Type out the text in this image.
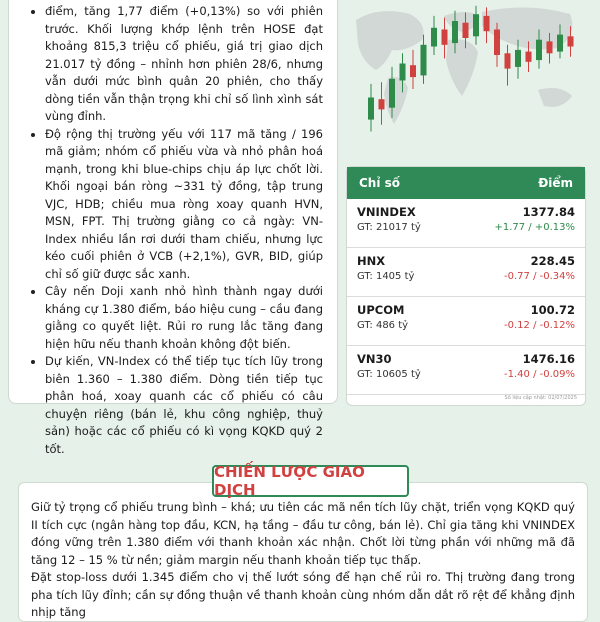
điểm, tăng 1,77 điểm (+0,13%) so với phiên trước. Khối lượng khớp lệnh trên HOSE đạt khoảng 815,3 triệu cổ phiếu, giá trị giao dịch 21.017 tỷ đồng – nhỉnh hơn phiên 28/6, nhưng vẫn dưới mức bình quân 20 phiên, cho thấy dòng tiền vẫn thận trọng khi chỉ số lình xình sát vùng đỉnh.
Độ rộng thị trường yếu với 117 mã tăng / 196 mã giảm; nhóm cổ phiếu vừa và nhỏ phân hoá mạnh, trong khi blue-chips chịu áp lực chốt lời. Khối ngoại bán ròng ~331 tỷ đồng, tập trung VJC, HDB; chiều mua ròng xoay quanh HVN, MSN, FPT. Thị trường giằng co cả ngày: VN-Index nhiều lần rơi dưới tham chiếu, nhưng lực kéo cuối phiên ở VCB (+2,1%), GVR, BID, giúp chỉ số giữ được sắc xanh.
Cây nến Doji xanh nhỏ hình thành ngay dưới kháng cự 1.380 điểm, báo hiệu cung – cầu đang giằng co quyết liệt. Rủi ro rung lắc tăng đang hiện hữu nếu thanh khoản không đột biến.
Dự kiến, VN-Index có thể tiếp tục tích lũy trong biên 1.360 – 1.380 điểm. Dòng tiền tiếp tục phân hoá, xoay quanh các cổ phiếu có câu chuyện riêng (bán lẻ, khu công nghiệp, thuỷ sản) hoặc các cổ phiếu có kì vọng KQKD quý 2 tốt.
Chỉ số	Điểm
VNINDEX	1377.84
GT: 21017 tỷ	+1.77 / +0.13%
HNX	228.45
GT: 1405 tỷ	-0.77 / -0.34%
UPCOM	100.72
GT: 486 tỷ	-0.12 / -0.12%
VN30	1476.16
GT: 10605 tỷ	-1.40 / -0.09%
Số liệu cập nhật: 02/07/2025
CHIẾN LƯỢC GIAO DỊCH

Giữ tỷ trọng cổ phiếu trung bình – khá; ưu tiên các mã nền tích lũy chặt, triển vọng KQKD quý II tích cực (ngân hàng top đầu, KCN, hạ tầng – đầu tư công, bán lẻ). Chỉ gia tăng khi VNINDEX đóng vững trên 1.380 điểm với thanh khoản xác nhận. Chốt lời từng phần với những mã đã tăng 12 – 15 % từ nền; giảm margin nếu thanh khoản tiếp tục thấp.

Đặt stop-loss dưới 1.345 điểm cho vị thế lướt sóng để hạn chế rủi ro. Thị trường đang trong pha tích lũy đỉnh; cần sự đồng thuận về thanh khoản cùng nhóm dẫn dắt rõ rệt để khẳng định nhịp tăng
